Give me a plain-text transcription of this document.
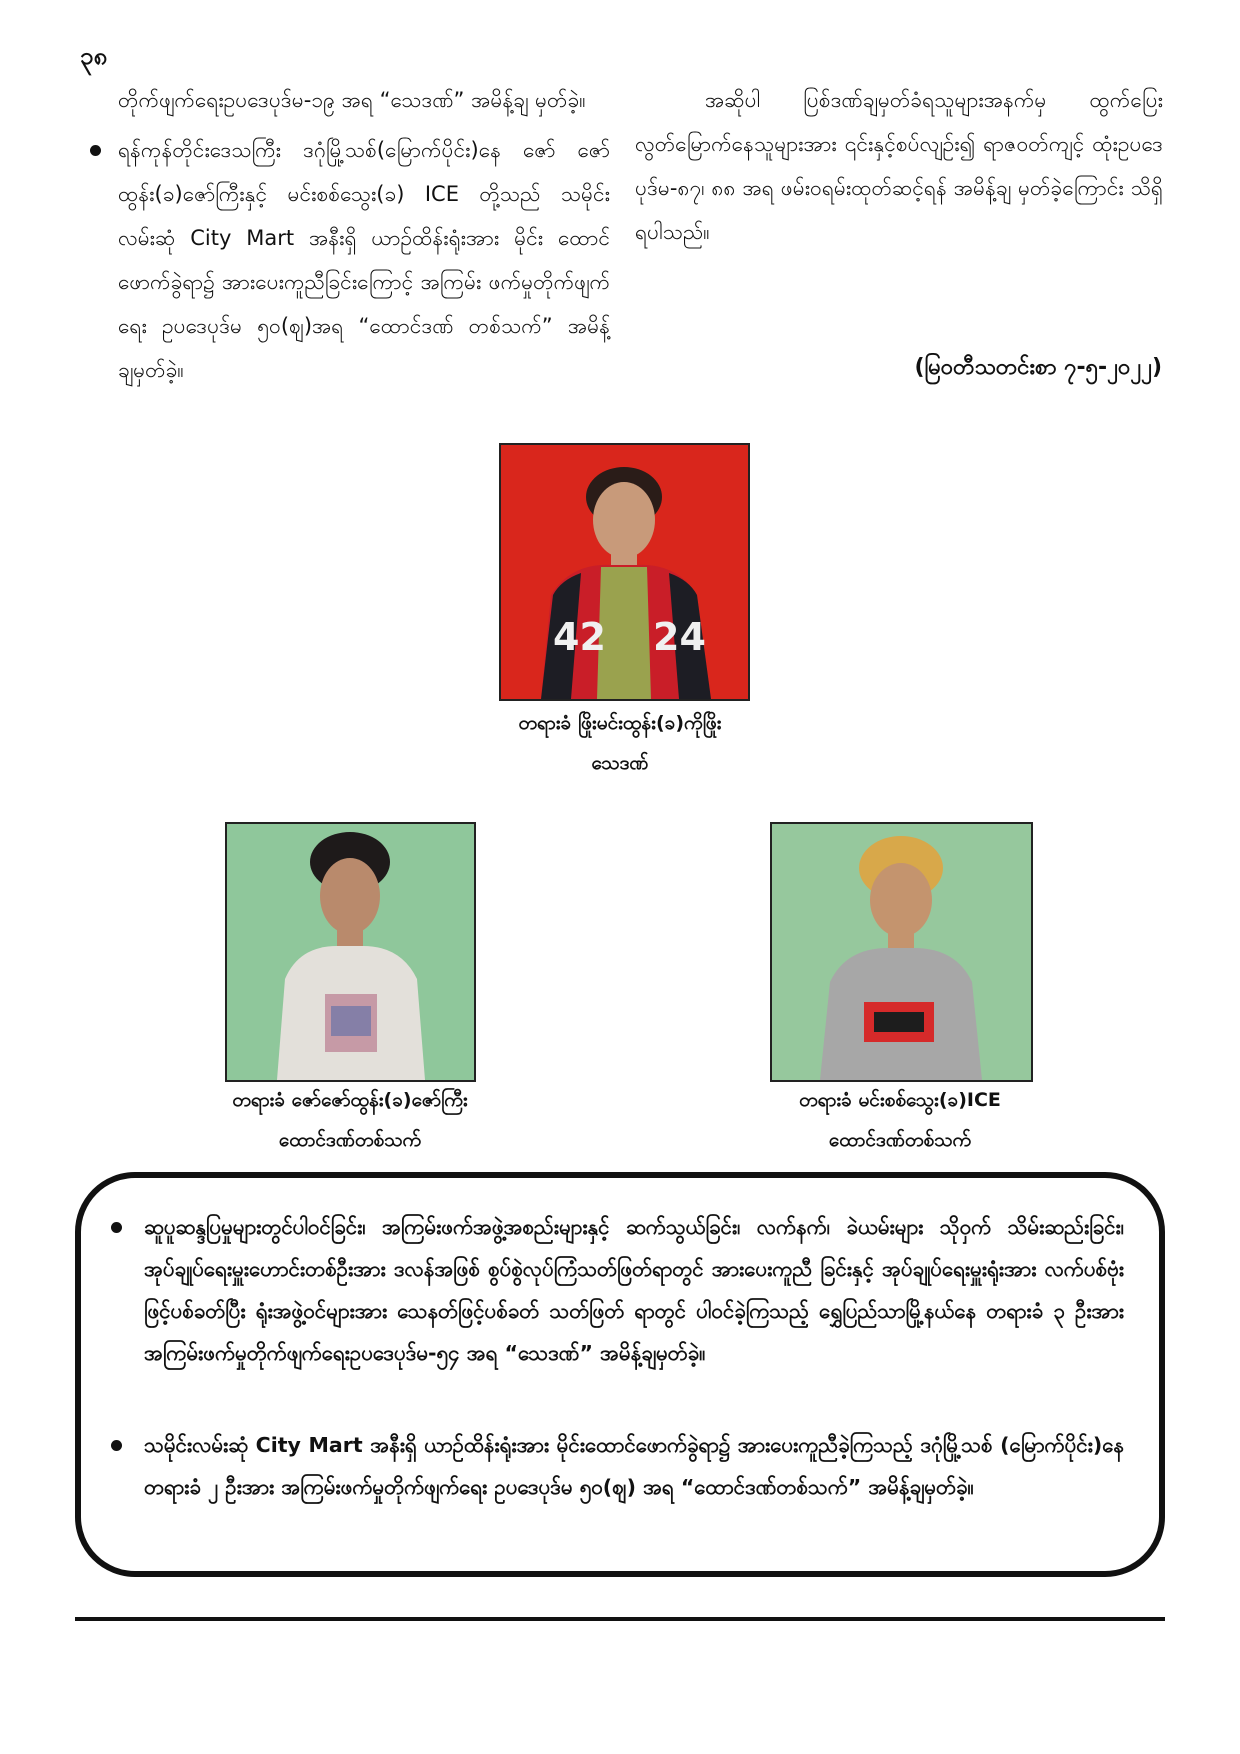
၃၈

တိုက်ဖျက်ရေးဥပဒေပုဒ်မ-၁၉ အရ “သေဒဏ်” အမိန့်ချ မှတ်ခဲ့။

ရန်ကုန်တိုင်းဒေသကြီး ဒဂုံမြို့သစ်(မြောက်ပိုင်း)နေ ဇော် ဇော်ထွန်း(ခ)ဇော်ကြီးနှင့် မင်းစစ်သွေး(ခ) ICE တို့သည် သမိုင်းလမ်းဆုံ City Mart အနီးရှိ ယာဉ်ထိန်းရုံးအား မိုင်း ထောင်ဖောက်ခွဲရာ၌ အားပေးကူညီခြင်းကြောင့် အကြမ်း ဖက်မှုတိုက်ဖျက်ရေး ဥပဒေပုဒ်မ ၅၀(ဈ)အရ “ထောင်ဒဏ် တစ်သက်” အမိန့်ချမှတ်ခဲ့။

အဆိုပါ ပြစ်ဒဏ်ချမှတ်ခံရသူများအနက်မှ ထွက်ပြေး လွတ်မြောက်နေသူများအား ၎င်းနှင့်စပ်လျဉ်း၍ ရာဇဝတ်ကျင့် ထုံးဥပဒေပုဒ်မ-၈၇၊ ၈၈ အရ ဖမ်းဝရမ်းထုတ်ဆင့်ရန် အမိန့်ချ မှတ်ခဲ့ကြောင်း သိရှိရပါသည်။

(မြဝတီသတင်းစာ ၇-၅-၂၀၂၂)
42 24
တရားခံ ဖြိုးမင်းထွန်း(ခ)ကိုဖြိုး
သေဒဏ်
တရားခံ ဇော်ဇော်ထွန်း(ခ)ဇော်ကြီး
ထောင်ဒဏ်တစ်သက်
တရားခံ မင်းစစ်သွေး(ခ)ICE
ထောင်ဒဏ်တစ်သက်
ဆူပူဆန္ဒပြမှုများတွင်ပါဝင်ခြင်း၊ အကြမ်းဖက်အဖွဲ့အစည်းများနှင့် ဆက်သွယ်ခြင်း၊ လက်နက်၊ ခဲယမ်းများ သိုဝှက် သိမ်းဆည်းခြင်း၊ အုပ်ချုပ်ရေးမှူးဟောင်းတစ်ဦးအား ဒလန်အဖြစ် စွပ်စွဲလုပ်ကြံသတ်ဖြတ်ရာတွင် အားပေးကူညီ ခြင်းနှင့် အုပ်ချုပ်ရေးမှူးရုံးအား လက်ပစ်ဗုံးဖြင့်ပစ်ခတ်ပြီး ရုံးအဖွဲ့ဝင်များအား သေနတ်ဖြင့်ပစ်ခတ် သတ်ဖြတ် ရာတွင် ပါဝင်ခဲ့ကြသည့် ရွှေပြည်သာမြို့နယ်နေ တရားခံ ၃ ဦးအား အကြမ်းဖက်မှုတိုက်ဖျက်ရေးဥပဒေပုဒ်မ-၅၄ အရ “သေဒဏ်” အမိန့်ချမှတ်ခဲ့။
သမိုင်းလမ်းဆုံ City Mart အနီးရှိ ယာဉ်ထိန်းရုံးအား မိုင်းထောင်ဖောက်ခွဲရာ၌ အားပေးကူညီခဲ့ကြသည့် ဒဂုံမြို့သစ် (မြောက်ပိုင်း)နေ တရားခံ ၂ ဦးအား အကြမ်းဖက်မှုတိုက်ဖျက်ရေး ဥပဒေပုဒ်မ ၅၀(ဈ) အရ “ထောင်ဒဏ်တစ်သက်” အမိန့်ချမှတ်ခဲ့။
